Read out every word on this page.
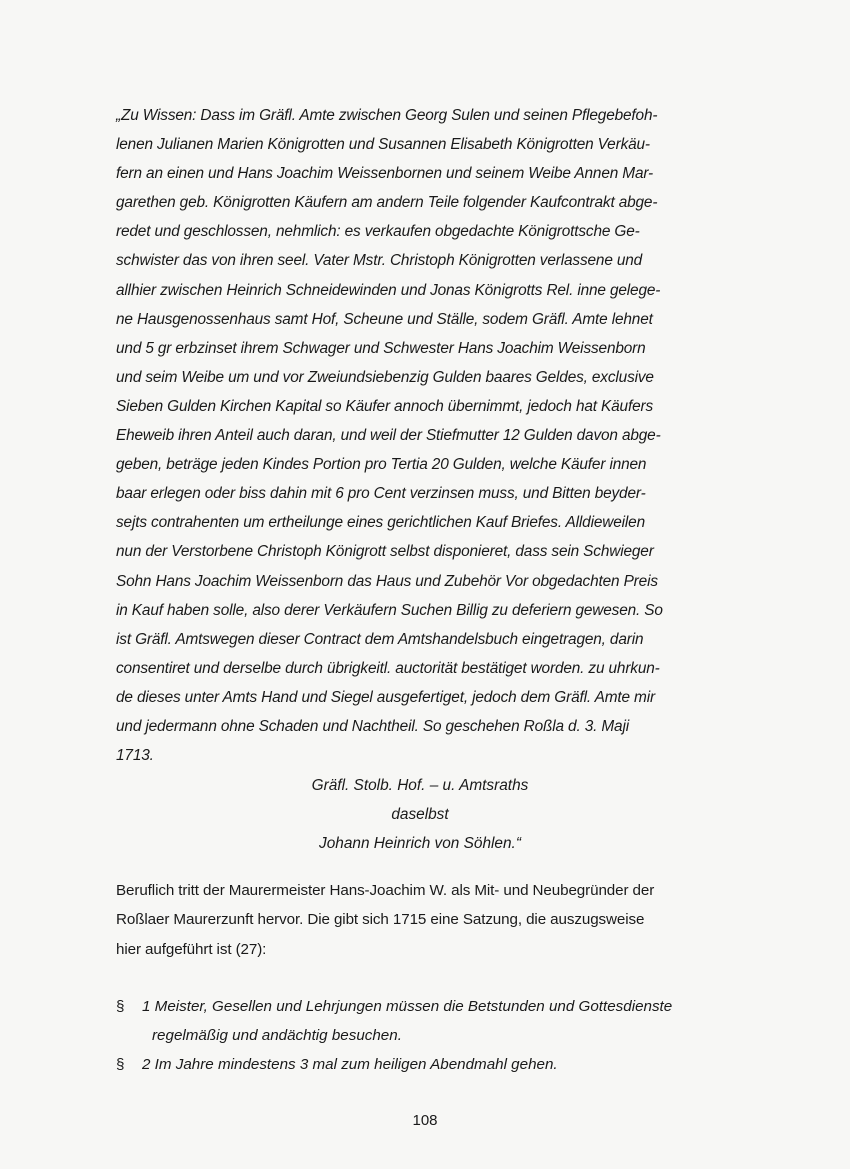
„Zu Wissen: Dass im Gräfl. Amte zwischen Georg Sulen und seinen Pflegebefoh-
lenen Julianen Marien Königrotten und Susannen Elisabeth Königrotten Verkäu-
fern an einen und Hans Joachim Weissenbornen und seinem Weibe Annen Mar-
garethen geb. Königrotten Käufern am andern Teile folgender Kaufcontrakt abge-
redet und geschlossen, nehmlich: es verkaufen obgedachte Königrottsche Ge-
schwister das von ihren seel. Vater Mstr. Christoph Königrotten verlassene und
allhier zwischen Heinrich Schneidewinden und Jonas Königrotts Rel. inne gelege-
ne Hausgenossenhaus samt Hof, Scheune und Ställe, sodem Gräfl. Amte lehnet
und 5 gr erbzinset ihrem Schwager und Schwester Hans Joachim Weissenborn
und seim Weibe um und vor Zweiundsiebenzig Gulden baares Geldes, exclusive
Sieben Gulden Kirchen Kapital so Käufer annoch übernimmt, jedoch hat Käufers
Eheweib ihren Anteil auch daran, und weil der Stiefmutter 12 Gulden davon abge-
geben, beträge jeden Kindes Portion pro Tertia 20 Gulden, welche Käufer innen
baar erlegen oder biss dahin mit 6 pro Cent verzinsen muss, und Bitten beyder-
sejts contrahenten um ertheilunge eines gerichtlichen Kauf Briefes. Alldieweilen
nun der Verstorbene Christoph Königrott selbst disponieret, dass sein Schwieger
Sohn Hans Joachim Weissenborn das Haus und Zubehör Vor obgedachten Preis
in Kauf haben solle, also derer Verkäufern Suchen Billig zu deferiern gewesen. So
ist Gräfl. Amtswegen dieser Contract dem Amtshandelsbuch eingetragen, darin
consentiret und derselbe durch übrigkeitl. auctorität bestätiget worden. zu uhrkun-
de dieses unter Amts Hand und Siegel ausgefertiget, jedoch dem Gräfl. Amte mir
und jedermann ohne Schaden und Nachtheil. So geschehen Roßla d. 3. Maji
1713.
Gräfl. Stolb. Hof. – u. Amtsraths
daselbst
Johann Heinrich von Söhlen.“
Beruflich tritt der Maurermeister Hans-Joachim W. als Mit- und Neubegründer der
Roßlaer Maurerzunft hervor. Die gibt sich 1715 eine Satzung, die auszugsweise
hier aufgeführt ist (27):
§ 1 Meister, Gesellen und Lehrjungen müssen die Betstunden und Gottesdienste
regelmäßig und andächtig besuchen.
§ 2 Im Jahre mindestens 3 mal zum heiligen Abendmahl gehen.
108
